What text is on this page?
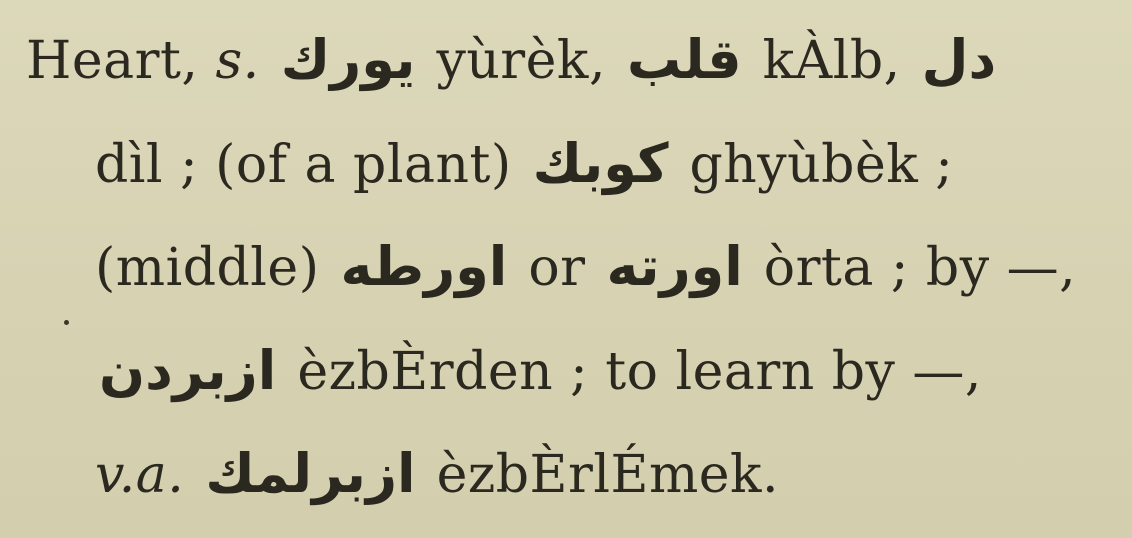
Heart, s. يورك yùrèk, قلب kÀlb, دل
dìl ; (of a plant) كوبك ghyùbèk ;
(middle) اورطه or اورته òrta ; by —,
ازبردن èzbÈrden ; to learn by —,
v.a. ازبرلمك èzbÈrlÉmek.
